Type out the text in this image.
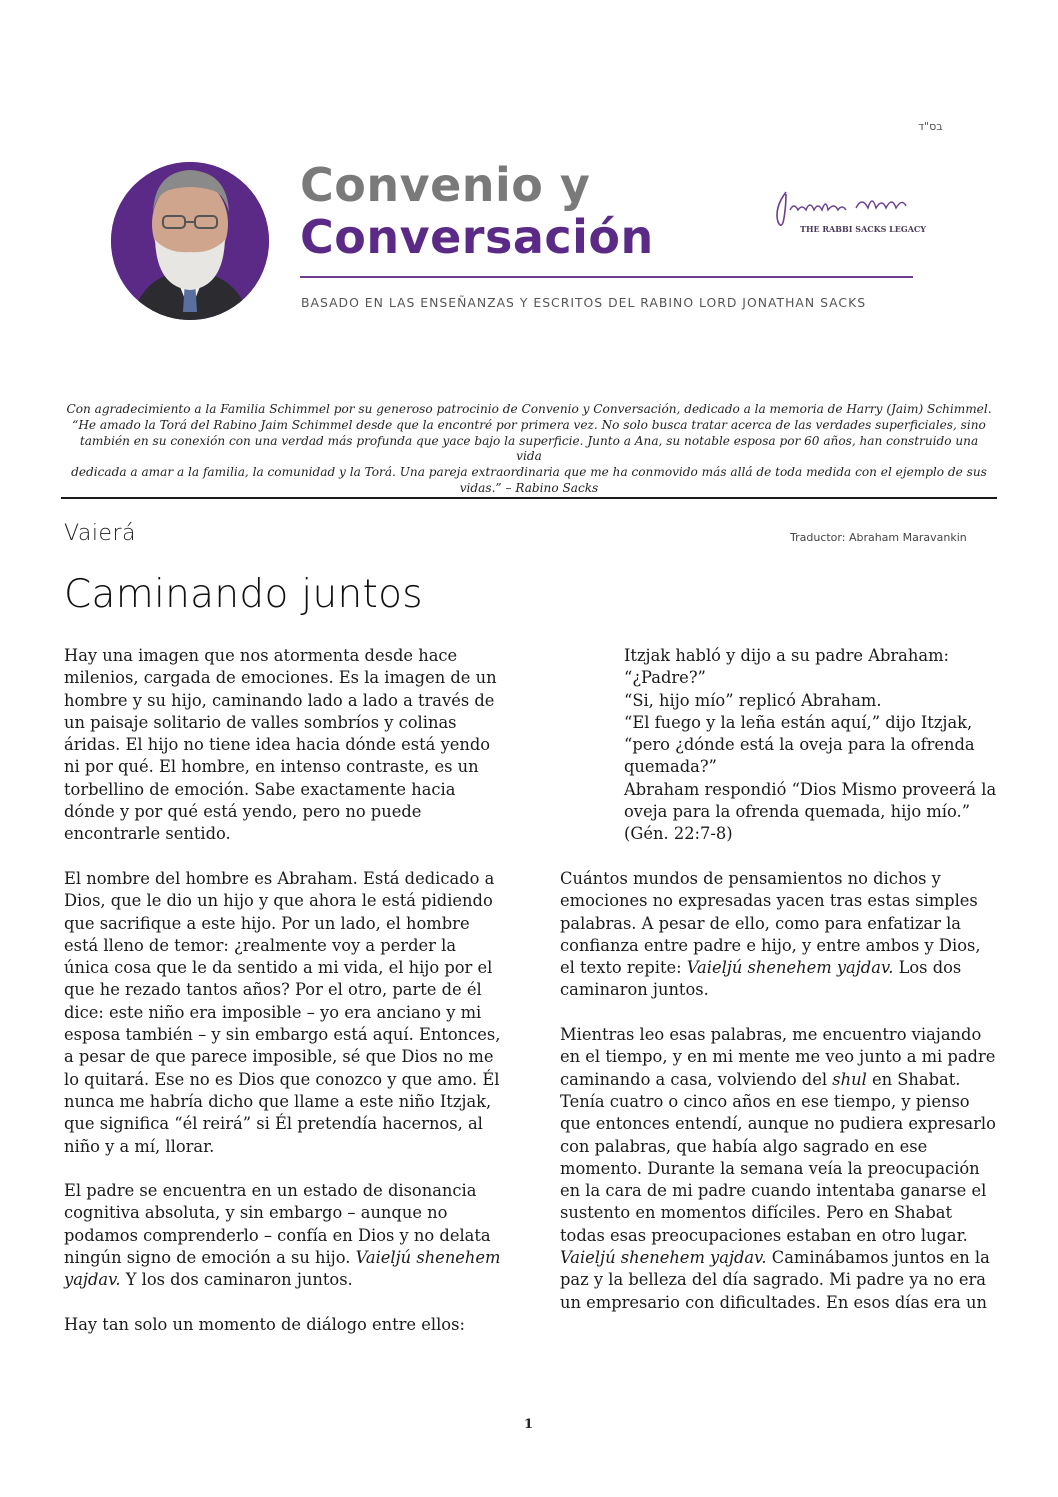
בס"ד
Convenio y
Conversación	THE RABBI SACKS LEGACY
BASADO EN LAS ENSEÑANZAS Y ESCRITOS DEL RABINO LORD JONATHAN SACKS
Con agradecimiento a la Familia Schimmel por su generoso patrocinio de Convenio y Conversación, dedicado a la memoria de Harry (Jaim) Schimmel.
“He amado la Torá del Rabino Jaim Schimmel desde que la encontré por primera vez. No solo busca tratar acerca de las verdades superficiales, sino
también en su conexión con una verdad más profunda que yace bajo la superficie. Junto a Ana, su notable esposa por 60 años, han construido una vida
dedicada a amar a la familia, la comunidad y la Torá. Una pareja extraordinaria que me ha conmovido más allá de toda medida con el ejemplo de sus
vidas.” – Rabino Sacks
Vaierá	Traductor: Abraham Maravankin
Caminando juntos

Hay una imagen que nos atormenta desde hace milenios, cargada de emociones. Es la imagen de un hombre y su hijo, caminando lado a lado a través de un paisaje solitario de valles sombríos y colinas áridas. El hijo no tiene idea hacia dónde está yendo ni por qué. El hombre, en intenso contraste, es un torbellino de emoción. Sabe exactamente hacia dónde y por qué está yendo, pero no puede encontrarle sentido.

El nombre del hombre es Abraham. Está dedicado a Dios, que le dio un hijo y que ahora le está pidiendo que sacrifique a este hijo. Por un lado, el hombre está lleno de temor: ¿realmente voy a perder la única cosa que le da sentido a mi vida, el hijo por el que he rezado tantos años? Por el otro, parte de él dice: este niño era imposible – yo era anciano y mi esposa también – y sin embargo está aquí. Entonces, a pesar de que parece imposible, sé que Dios no me lo quitará. Ese no es Dios que conozco y que amo. Él nunca me habría dicho que llame a este niño Itzjak, que significa “él reirá” si Él pretendía hacernos, al niño y a mí, llorar.

El padre se encuentra en un estado de disonancia cognitiva absoluta, y sin embargo – aunque no podamos comprenderlo – confía en Dios y no delata ningún signo de emoción a su hijo. Vaieljú shenehem yajdav. Y los dos caminaron juntos.

Hay tan solo un momento de diálogo entre ellos:

Itzjak habló y dijo a su padre Abraham:
“¿Padre?”
“Si, hijo mío” replicó Abraham.
“El fuego y la leña están aquí,” dijo Itzjak, “pero ¿dónde está la oveja para la ofrenda quemada?”
Abraham respondió “Dios Mismo proveerá la oveja para la ofrenda quemada, hijo mío.” (Gén. 22:7-8)

Cuántos mundos de pensamientos no dichos y emociones no expresadas yacen tras estas simples palabras. A pesar de ello, como para enfatizar la confianza entre padre e hijo, y entre ambos y Dios, el texto repite: Vaieljú shenehem yajdav. Los dos caminaron juntos.

Mientras leo esas palabras, me encuentro viajando en el tiempo, y en mi mente me veo junto a mi padre caminando a casa, volviendo del shul en Shabat. Tenía cuatro o cinco años en ese tiempo, y pienso que entonces entendí, aunque no pudiera expresarlo con palabras, que había algo sagrado en ese momento. Durante la semana veía la preocupación en la cara de mi padre cuando intentaba ganarse el sustento en momentos difíciles. Pero en Shabat todas esas preocupaciones estaban en otro lugar. Vaieljú shenehem yajdav. Caminábamos juntos en la paz y la belleza del día sagrado. Mi padre ya no era un empresario con dificultades. En esos días era un

1
